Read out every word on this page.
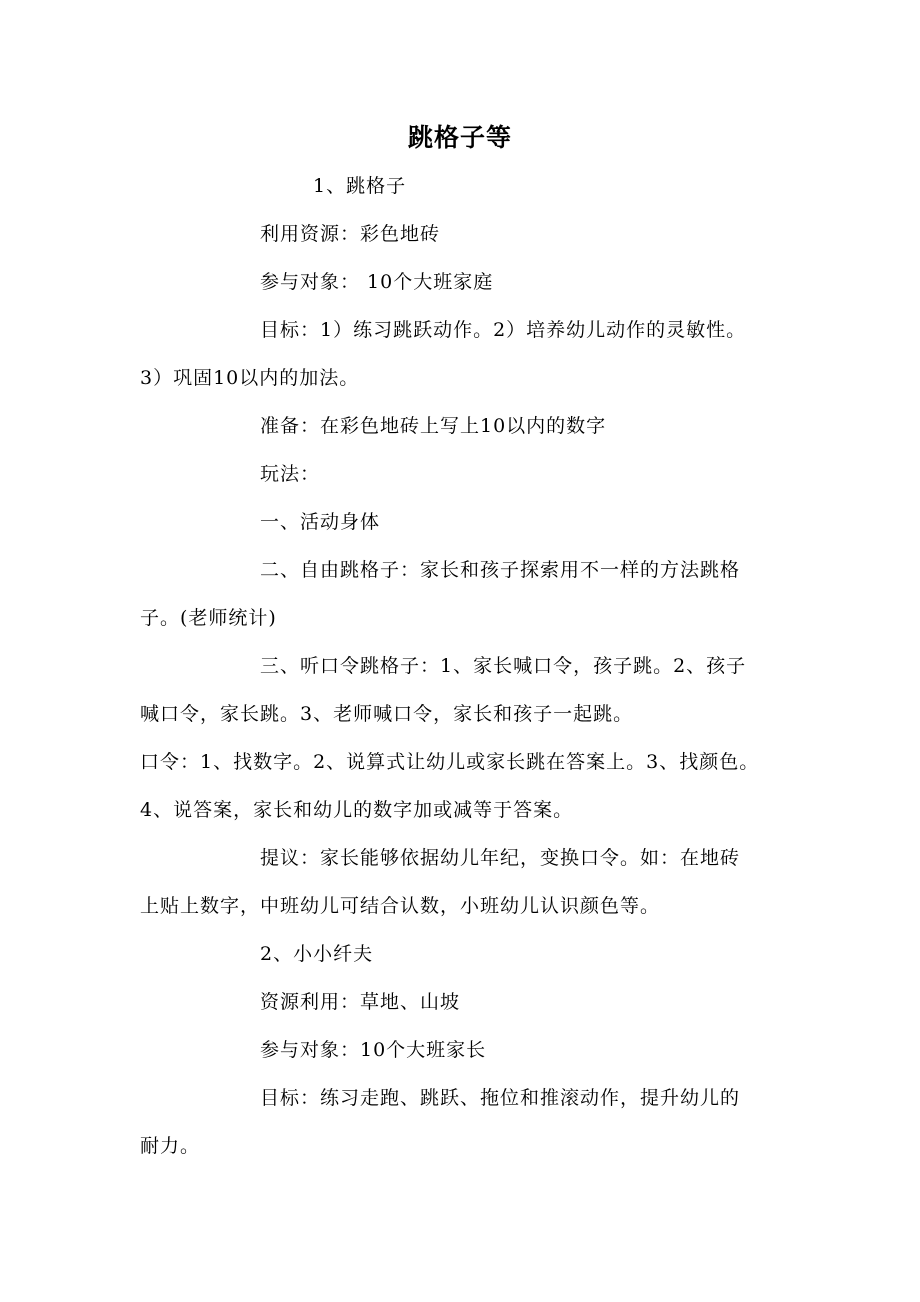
跳格子等
1、跳格子
利用资源：彩色地砖
参与对象： 10个大班家庭
目标：1）练习跳跃动作。2）培养幼儿动作的灵敏性。
3）巩固10以内的加法。
准备：在彩色地砖上写上10以内的数字
玩法：
一、活动身体
二、自由跳格子：家长和孩子探索用不一样的方法跳格
子。(老师统计)
三、听口令跳格子：1、家长喊口令，孩子跳。2、孩子
喊口令，家长跳。3、老师喊口令，家长和孩子一起跳。
口令：1、找数字。2、说算式让幼儿或家长跳在答案上。3、找颜色。
4、说答案，家长和幼儿的数字加或减等于答案。
提议：家长能够依据幼儿年纪，变换口令。如：在地砖
上贴上数字，中班幼儿可结合认数，小班幼儿认识颜色等。
2、小小纤夫
资源利用：草地、山坡
参与对象：10个大班家长
目标：练习走跑、跳跃、拖位和推滚动作，提升幼儿的
耐力。
